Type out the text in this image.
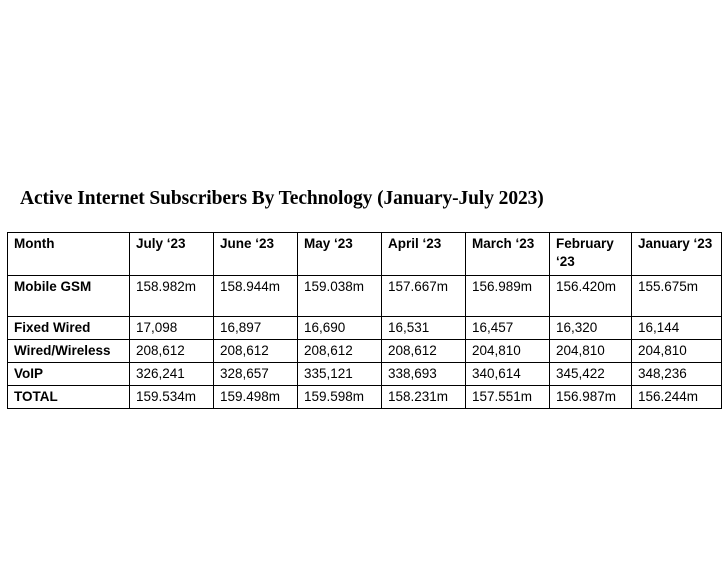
Active Internet Subscribers By Technology (January-July 2023)
Month	July ‘23	June ‘23	May ‘23	April ‘23	March ‘23	February ‘23	January ‘23
Mobile GSM	158.982m	158.944m	159.038m	157.667m	156.989m	156.420m	155.675m
Fixed Wired	17,098	16,897	16,690	16,531	16,457	16,320	16,144
Wired/Wireless	208,612	208,612	208,612	208,612	204,810	204,810	204,810
VoIP	326,241	328,657	335,121	338,693	340,614	345,422	348,236
TOTAL	159.534m	159.498m	159.598m	158.231m	157.551m	156.987m	156.244m
